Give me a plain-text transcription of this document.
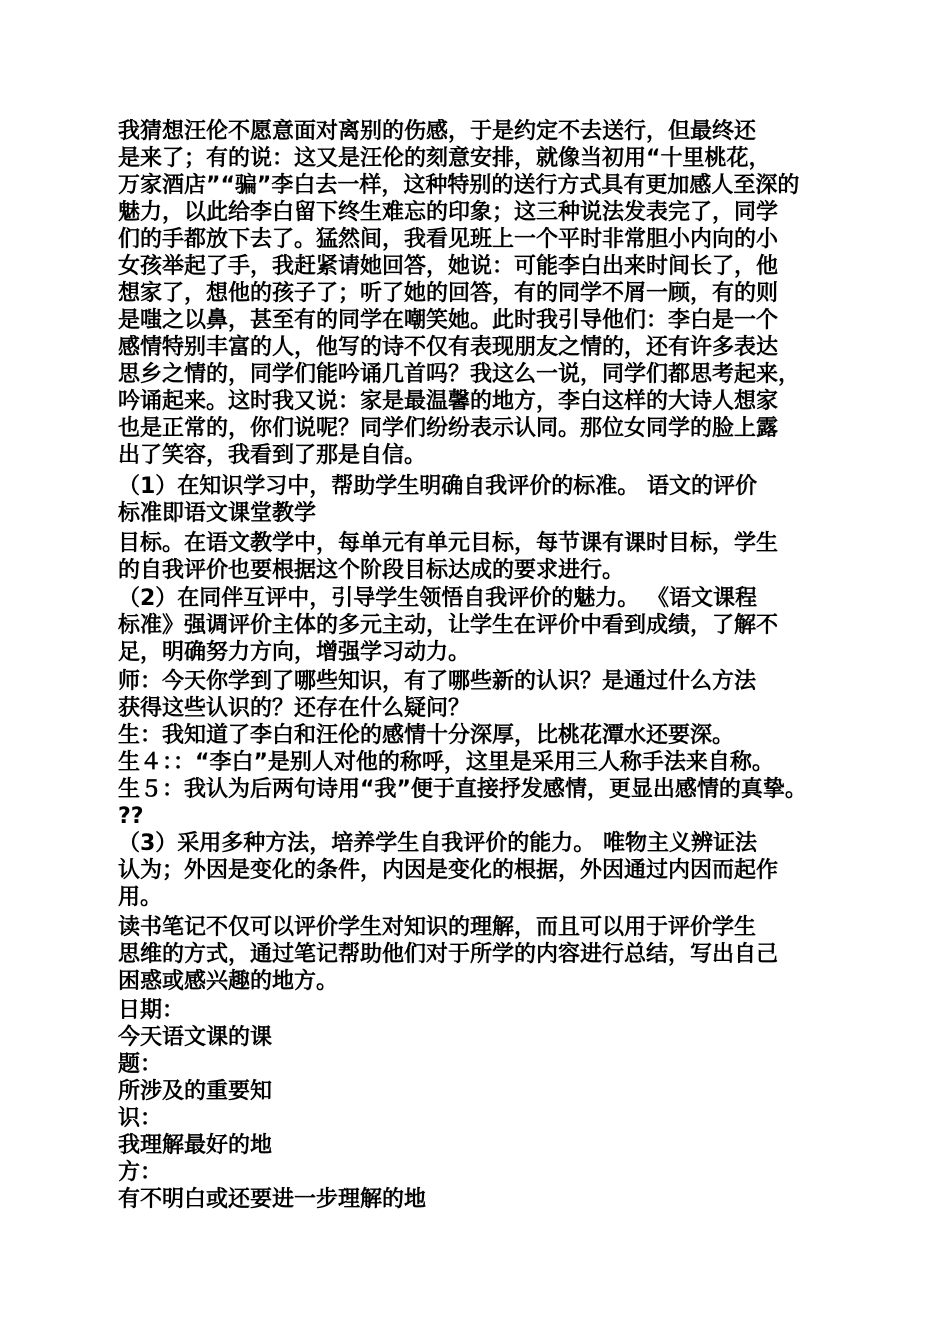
我猜想汪伦不愿意面对离别的伤感，于是约定不去送行，但最终还
是来了；有的说：这又是汪伦的刻意安排，就像当初用“十里桃花，
万家酒店”“骗”李白去一样，这种特别的送行方式具有更加感人至深的
魅力，以此给李白留下终生难忘的印象；这三种说法发表完了，同学
们的手都放下去了。猛然间，我看见班上一个平时非常胆小内向的小
女孩举起了手，我赶紧请她回答，她说：可能李白出来时间长了，他
想家了，想他的孩子了；听了她的回答，有的同学不屑一顾，有的则
是嗤之以鼻，甚至有的同学在嘲笑她。此时我引导他们：李白是一个
感情特别丰富的人，他写的诗不仅有表现朋友之情的，还有许多表达
思乡之情的，同学们能吟诵几首吗？我这么一说，同学们都思考起来，
吟诵起来。这时我又说：家是最温馨的地方，李白这样的大诗人想家
也是正常的，你们说呢？同学们纷纷表示认同。那位女同学的脸上露
出了笑容，我看到了那是自信。
（1）在知识学习中，帮助学生明确自我评价的标准。 语文的评价
标准即语文课堂教学
目标。在语文教学中，每单元有单元目标，每节课有课时目标，学生
的自我评价也要根据这个阶段目标达成的要求进行。
（2）在同伴互评中，引导学生领悟自我评价的魅力。 《语文课程
标准》强调评价主体的多元主动，让学生在评价中看到成绩，了解不
足，明确努力方向，增强学习动力。
师：今天你学到了哪些知识，有了哪些新的认识？是通过什么方法
获得这些认识的？还存在什么疑问？
生：我知道了李白和汪伦的感情十分深厚，比桃花潭水还要深。
生４：：“李白”是别人对他的称呼，这里是采用三人称手法来自称。
生５：我认为后两句诗用“我”便于直接抒发感情，更显出感情的真挚。
??
（3）采用多种方法，培养学生自我评价的能力。 唯物主义辨证法
认为；外因是变化的条件，内因是变化的根据，外因通过内因而起作
用。
读书笔记不仅可以评价学生对知识的理解，而且可以用于评价学生
思维的方式，通过笔记帮助他们对于所学的内容进行总结，写出自己
困惑或感兴趣的地方。
日期：
今天语文课的课
题：
所涉及的重要知
识：
我理解最好的地
方：
有不明白或还要进一步理解的地
